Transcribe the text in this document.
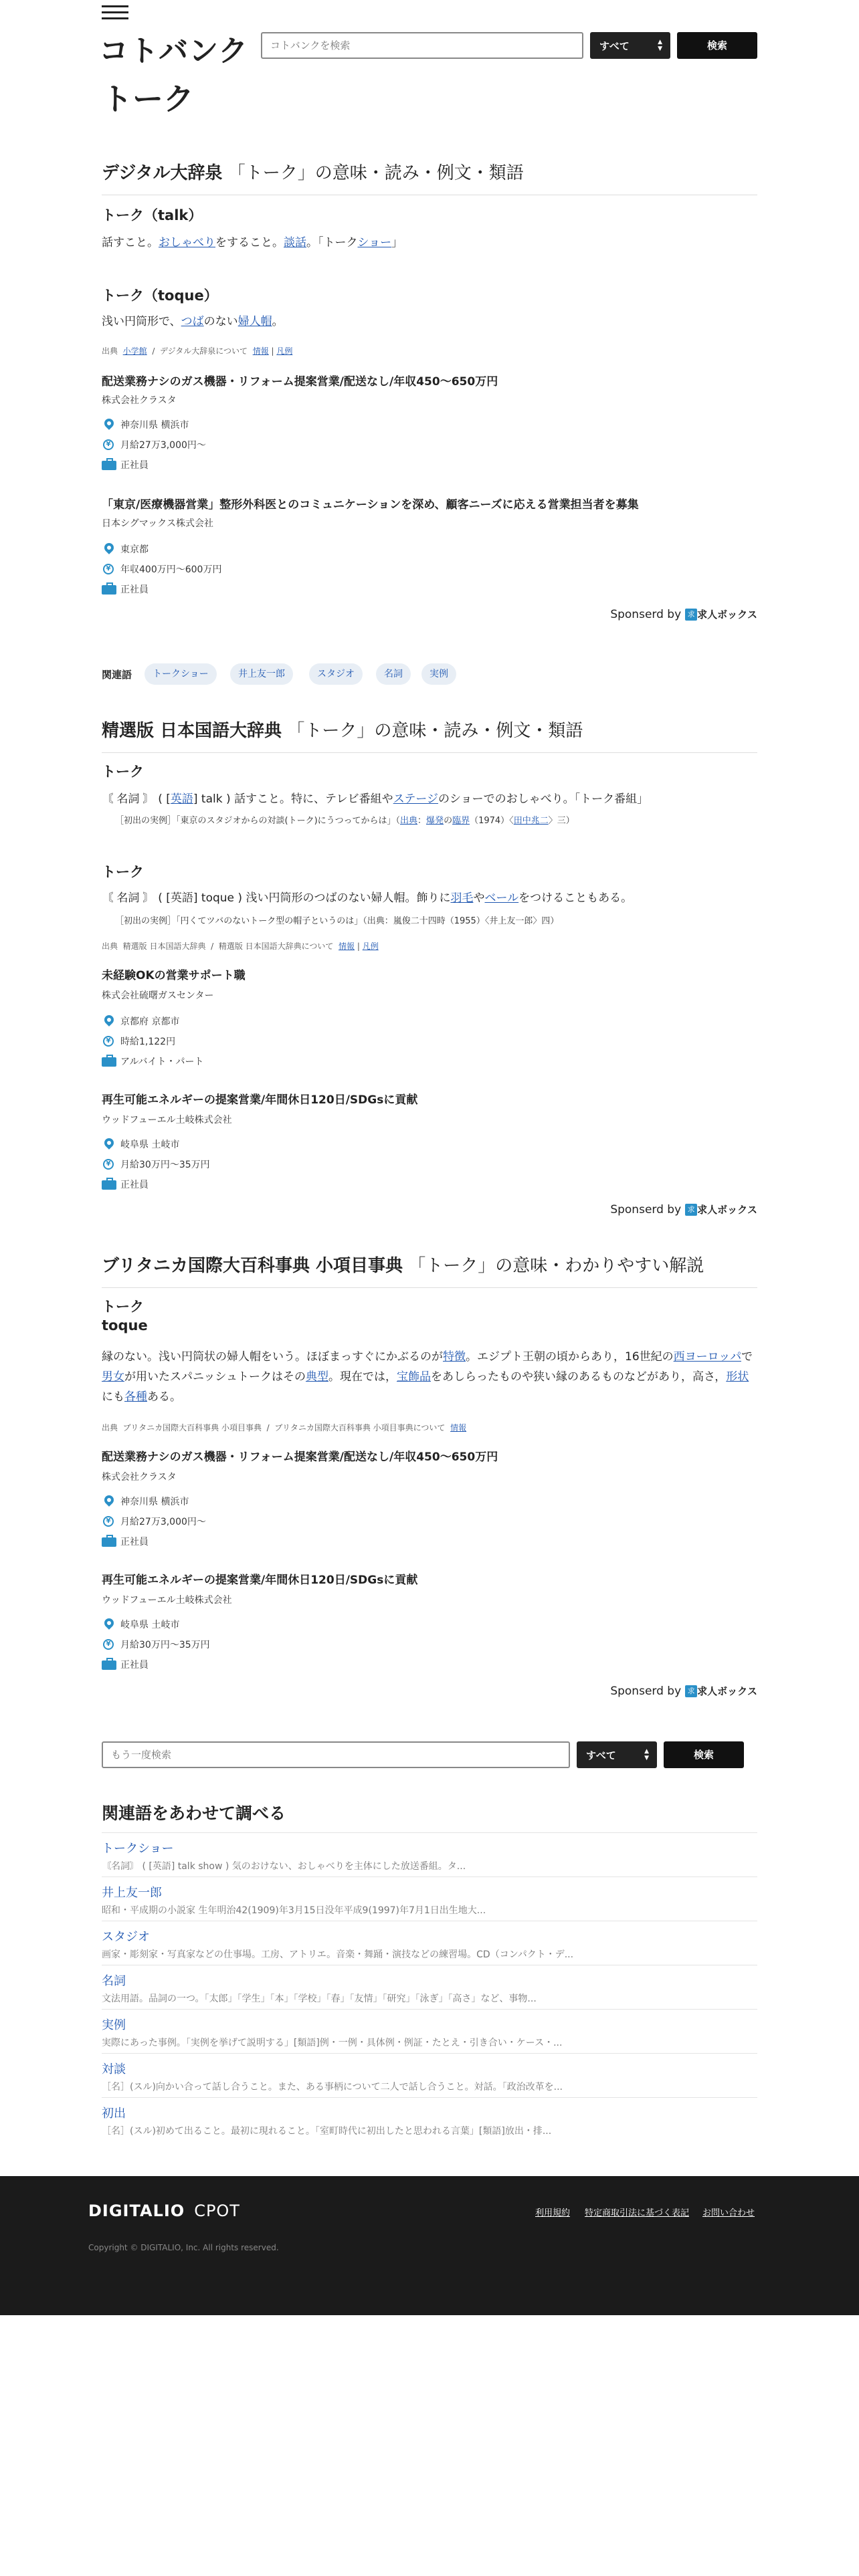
コトバンク
コトバンクを検索	すべて	▲
▼	検索
トーク
デジタル大辞泉 「トーク」の意味・読み・例文・類語
トーク（talk）
話すこと。おしゃべりをすること。談話。「トークショー」
トーク（toque）
浅い円筒形で、つばのない婦人帽。
出典 小学館 / デジタル大辞泉について 情報 | 凡例
配送業務ナシのガス機器・リフォーム提案営業/配送なし/年収450～650万円
株式会社クラスタ
神奈川県 横浜市
¥	月給27万3,000円～
正社員
「東京/医療機器営業」整形外科医とのコミュニケーションを深め、顧客ニーズに応える営業担当者を募集
日本シグマックス株式会社
東京都
¥	年収400万円～600万円
正社員
Sponserd by 求 求人ボックス
関連語	トークショー	井上友一郎	スタジオ	名詞	実例
精選版 日本国語大辞典 「トーク」の意味・読み・例文・類語
トーク
〘 名詞 〙 ( [英語] talk ) 話すこと。特に、テレビ番組やステージのショーでのおしゃべり。「トーク番組」
［初出の実例］「東京のスタジオからの対談(トーク)にうつってからは」（出典：爆発の臨界（1974）〈田中兆二〉三）
トーク
〘 名詞 〙 ( [英語] toque ) 浅い円筒形のつばのない婦人帽。飾りに羽毛やベールをつけることもある。
［初出の実例］「円くてツバのないトーク型の帽子というのは」（出典：嵐俊二十四時（1955）〈井上友一郎〉四）
出典 精選版 日本国語大辞典 / 精選版 日本国語大辞典について 情報 | 凡例
未経験OKの営業サポート職
株式会社硫曙ガスセンター
京都府 京都市
¥	時給1,122円
アルバイト・パート
再生可能エネルギーの提案営業/年間休日120日/SDGsに貢献
ウッドフューエル土岐株式会社
岐阜県 土岐市
¥	月給30万円～35万円
正社員
Sponserd by 求 求人ボックス
ブリタニカ国際大百科事典 小項目事典 「トーク」の意味・わかりやすい解説
トーク
toque
縁のない。浅い円筒状の婦人帽をいう。ほぼまっすぐにかぶるのが特徴。エジプト王朝の頃からあり，16世紀の西ヨーロッパで男女が用いたスパニッシュトークはその典型。現在では，宝飾品をあしらったものや狭い縁のあるものなどがあり，高さ，形状にも各種ある。
出典 ブリタニカ国際大百科事典 小項目事典 / ブリタニカ国際大百科事典 小項目事典について 情報
配送業務ナシのガス機器・リフォーム提案営業/配送なし/年収450～650万円
株式会社クラスタ
神奈川県 横浜市
¥	月給27万3,000円～
正社員
再生可能エネルギーの提案営業/年間休日120日/SDGsに貢献
ウッドフューエル土岐株式会社
岐阜県 土岐市
¥	月給30万円～35万円
正社員
Sponserd by 求 求人ボックス
もう一度検索
すべて	▲
▼	検索
関連語をあわせて調べる
トークショー
〘名詞〙 ( [英語] talk show ) 気のおけない、おしゃべりを主体にした放送番組。タ...
井上友一郎
昭和・平成期の小説家 生年明治42(1909)年3月15日没年平成9(1997)年7月1日出生地大...
スタジオ
画家・彫刻家・写真家などの仕事場。工房、アトリエ。音楽・舞踊・演技などの練習場。CD（コンパクト・デ...
名詞
文法用語。品詞の一つ。「太郎」「学生」「本」「学校」「春」「友情」「研究」「泳ぎ」「高さ」など、事物...
実例
実際にあった事例。「実例を挙げて説明する」[類語]例・一例・具体例・例証・たとえ・引き合い・ケース・...
対談
［名］(スル)向かい合って話し合うこと。また、ある事柄について二人で話し合うこと。対話。「政治改革を...
初出
［名］(スル)初めて出ること。最初に現れること。「室町時代に初出したと思われる言葉」[類語]放出・排...
DIGITALIO CPOT	利用規約 特定商取引法に基づく表記 お問い合わせ
Copyright © DIGITALIO, Inc. All rights reserved.
